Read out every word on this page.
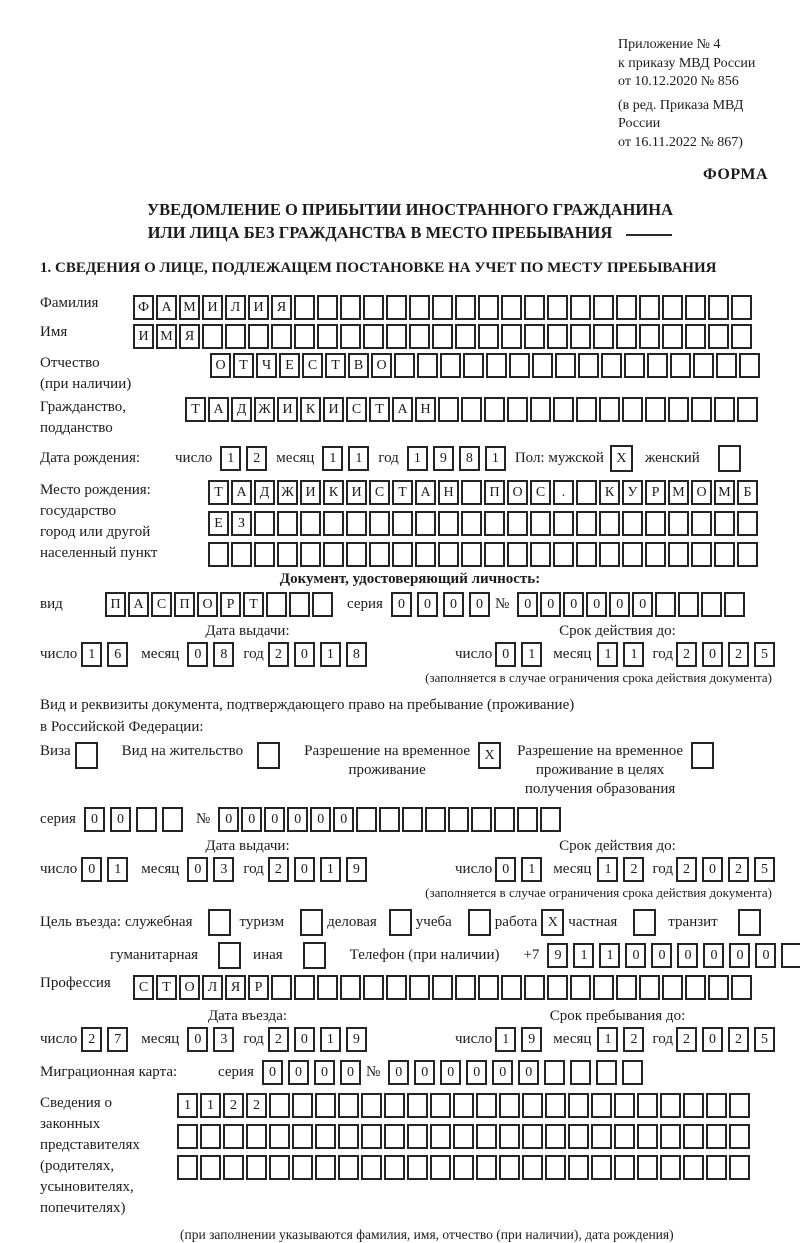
Приложение № 4
к приказу МВД России
от 10.12.2020 № 856
(в ред. Приказа МВД России
от 16.11.2022 № 867)
ФОРМА
УВЕДОМЛЕНИЕ О ПРИБЫТИИ ИНОСТРАННОГО ГРАЖДАНИНА
ИЛИ ЛИЦА БЕЗ ГРАЖДАНСТВА В МЕСТО ПРЕБЫВАНИЯ
1. СВЕДЕНИЯ О ЛИЦЕ, ПОДЛЕЖАЩЕМ ПОСТАНОВКЕ НА УЧЕТ ПО МЕСТУ ПРЕБЫВАНИЯ
Фамилия	Ф А М И Л И Я
Имя	И М Я
Отчество
(при наличии)
О Т	Ч	Е	С	Т	В О
Гражданство,
подданство
Т А Д Ж И К И С	Т А Н
Дата рождения:	число	1	2	месяц	1	1	год	1	9	8	1	Пол: мужской X	женский
Место рождения:
государство
город или другой
населенный пункт
Т А Д Ж И К И С	Т А Н	П О С	.	К У	Р М О М Б
Е	З
Документ, удостоверяющий личность:
вид	П А С П О	Р	Т	серия	0	0	0	0 №	0	0	0	0	0	0
Дата выдачи:
число 1	6	месяц	0	8	год 2	0	1	8
Срок действия до:
число 0	1	месяц 1	1	год 2	0	2	5
(заполняется в случае ограничения срока действия документа)
Вид и реквизиты документа, подтверждающего право на пребывание (проживание)
в Российской Федерации:
Виза	Вид на жительство	Разрешение на временное
проживание
X	Разрешение на временное
проживание в целях
получения образования
серия	0	0	№	0	0	0	0	0	0
Дата выдачи:
число 0	1	месяц	0	3	год 2	0	1	9
Срок действия до:
число 0	1	месяц 1	2	год 2	0	2	5
(заполняется в случае ограничения срока действия документа)
Цель въезда: служебная	туризм	деловая	учеба	работа X частная	транзит
гуманитарная	иная	Телефон (при наличии) +7	9	1	1	0	0	0	0	0	0
Профессия	С	Т О Л Я	Р
Дата въезда:
число 2	7	месяц	0	3	год 2	0	1	9
Срок пребывания до:
число 1	9	месяц 1	2	год 2	0	2	5
Миграционная карта:	серия	0	0	0	0 №	0	0	0	0	0	0
Сведения о
законных
представителях
(родителях,
усыновителях,
попечителях)
1	1	2	2
(при заполнении указываются фамилия, имя, отчество (при наличии), дата рождения)
